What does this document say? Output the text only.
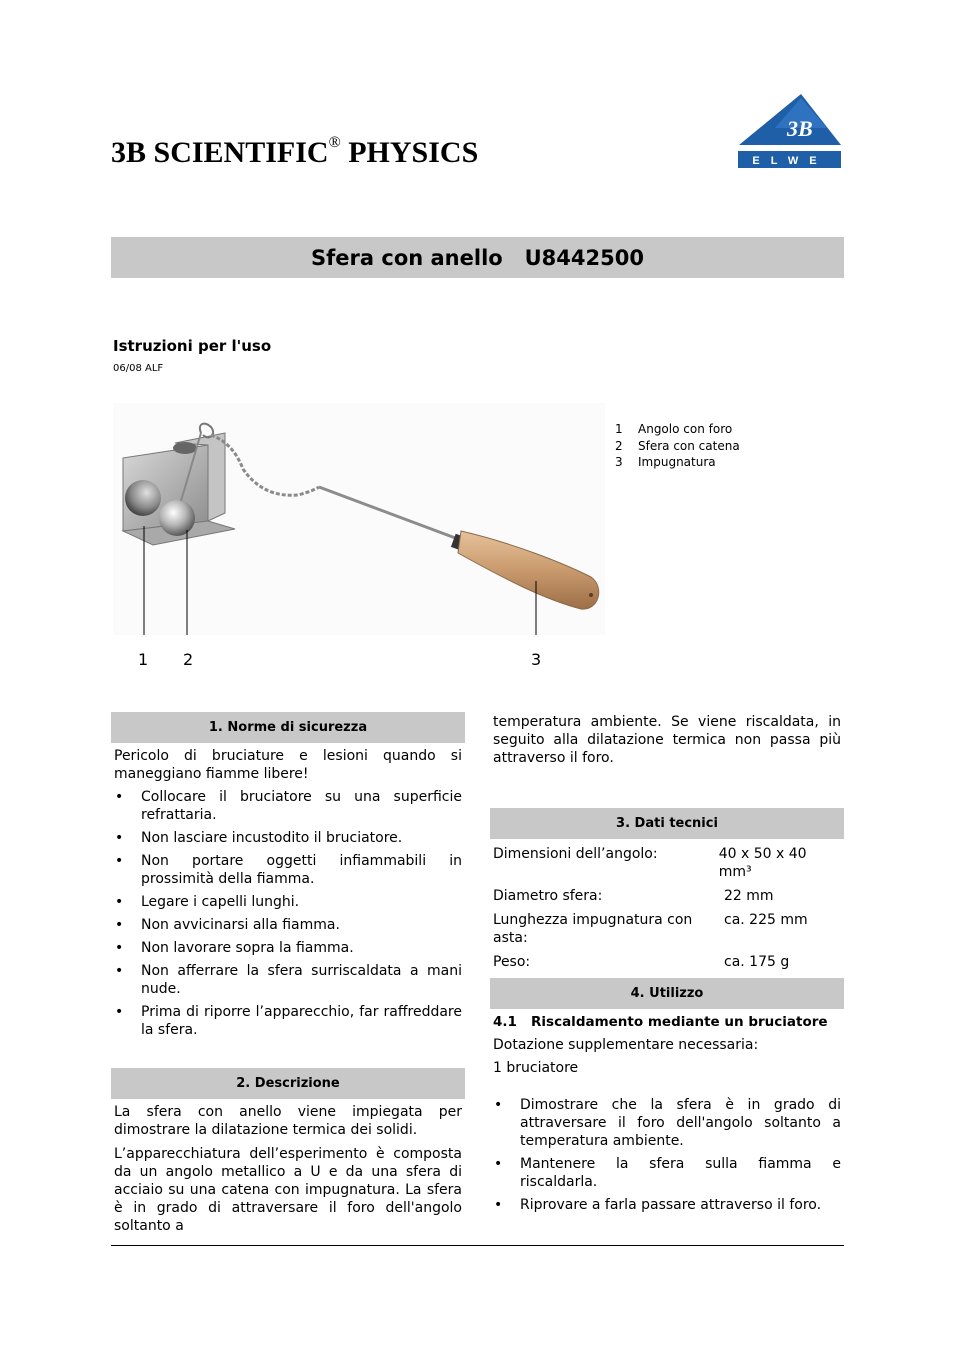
3B SCIENTIFIC® PHYSICS
3B
ELWE
Sfera con anello   U8442500
Istruzioni per l'uso
06/08 ALF
1 2	3
1	Angolo con foro
2	Sfera con catena
3	Impugnatura
1. Norme di sicurezza

Pericolo di bruciature e lesioni quando si maneggiano fiamme libere!

• Collocare il bruciatore su una superficie refrattaria.
• Non lasciare incustodito il bruciatore.
• Non portare oggetti infiammabili in prossimità della fiamma.
• Legare i capelli lunghi.
• Non avvicinarsi alla fiamma.
• Non lavorare sopra la fiamma.
• Non afferrare la sfera surriscaldata a mani nude.
• Prima di riporre l’apparecchio, far raffreddare la sfera.
2. Descrizione

La sfera con anello viene impiegata per dimostrare la dilatazione termica dei solidi.

L’apparecchiatura dell’esperimento è composta da un angolo metallico a U e da una sfera di acciaio su una catena con impugnatura. La sfera è in grado di attraversare il foro dell'angolo soltanto a

temperatura ambiente. Se viene riscaldata, in seguito alla dilatazione termica non passa più attraverso il foro.

3. Dati tecnici
Dimensioni dell’angolo:	40 x 50 x 40 mm³
Diametro sfera:	22 mm
Lunghezza impugnatura con asta:
ca. 225 mm
Peso:	ca. 175 g
4. Utilizzo

4.1   Riscaldamento mediante un bruciatore

Dotazione supplementare necessaria:

1 bruciatore

• Dimostrare che la sfera è in grado di attraversare il foro dell'angolo soltanto a temperatura ambiente.
• Mantenere la sfera sulla fiamma e riscaldarla.
• Riprovare a farla passare attraverso il foro.
